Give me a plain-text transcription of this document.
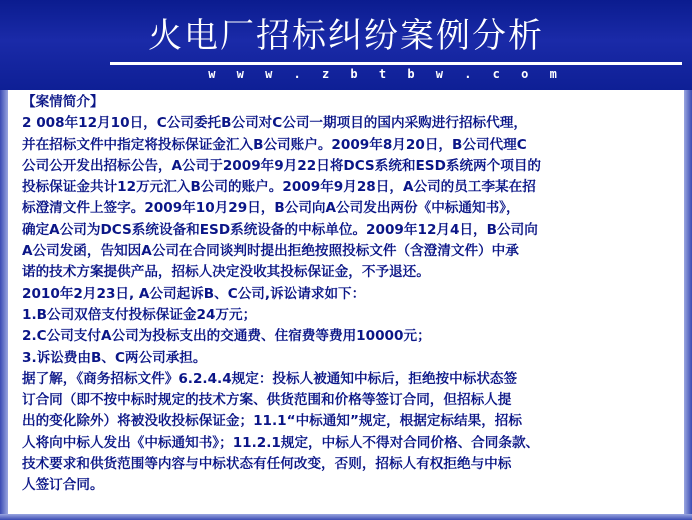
火电厂招标纠纷案例分析
w w w . z b t b w . c o m
【案情简介】
2 008年12月10日，C公司委托B公司对C公司一期项目的国内采购进行招标代理，
并在招标文件中指定将投标保证金汇入B公司账户。2009年8月20日，B公司代理C
公司公开发出招标公告，A公司于2009年9月22日将DCS系统和ESD系统两个项目的
投标保证金共计12万元汇入B公司的账户。2009年9月28日，A公司的员工李某在招
标澄清文件上签字。2009年10月29日，B公司向A公司发出两份《中标通知书》，
确定A公司为DCS系统设备和ESD系统设备的中标单位。2009年12月4日，B公司向
A公司发函，告知因A公司在合同谈判时提出拒绝按照投标文件（含澄清文件）中承
诺的技术方案提供产品，招标人决定没收其投标保证金，不予退还。
2010年2月23日, A公司起诉B、C公司,诉讼请求如下：
1.B公司双倍支付投标保证金24万元；
2.C公司支付A公司为投标支出的交通费、住宿费等费用10000元；
3.诉讼费由B、C两公司承担。
据了解，《商务招标文件》6.2.4.4规定：投标人被通知中标后，拒绝按中标状态签
订合同（即不按中标时规定的技术方案、供货范围和价格等签订合同，但招标人提
出的变化除外）将被没收投标保证金；11.1“中标通知”规定，根据定标结果，招标
人将向中标人发出《中标通知书》；11.2.1规定，中标人不得对合同价格、合同条款、
技术要求和供货范围等内容与中标状态有任何改变，否则，招标人有权拒绝与中标
人签订合同。
